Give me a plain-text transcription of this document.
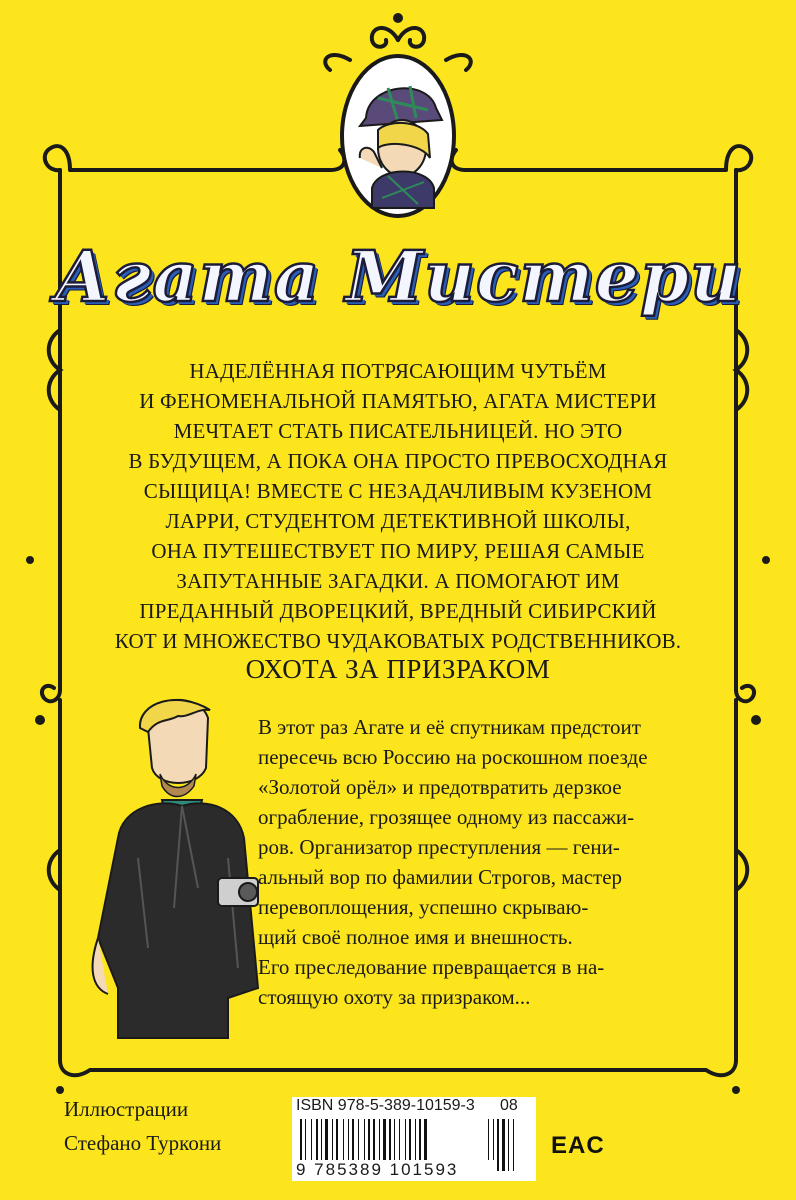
Агата Мистери

НАДЕЛЁННАЯ ПОТРЯСАЮЩИМ ЧУТЬЁМ
И ФЕНОМЕНАЛЬНОЙ ПАМЯТЬЮ, АГАТА МИСТЕРИ
МЕЧТАЕТ СТАТЬ ПИСАТЕЛЬНИЦЕЙ. НО ЭТО
В БУДУЩЕМ, А ПОКА ОНА ПРОСТО ПРЕВОСХОДНАЯ
СЫЩИЦА! ВМЕСТЕ С НЕЗАДАЧЛИВЫМ КУЗЕНОМ
ЛАРРИ, СТУДЕНТОМ ДЕТЕКТИВНОЙ ШКОЛЫ,
ОНА ПУТЕШЕСТВУЕТ ПО МИРУ, РЕШАЯ САМЫЕ
ЗАПУТАННЫЕ ЗАГАДКИ. А ПОМОГАЮТ ИМ
ПРЕДАННЫЙ ДВОРЕЦКИЙ, ВРЕДНЫЙ СИБИРСКИЙ
КОТ И МНОЖЕСТВО ЧУДАКОВАТЫХ РОДСТВЕННИКОВ.

ОХОТА ЗА ПРИЗРАКОМ
В этот раз Агате и её спутникам предстоит
пересечь всю Россию на роскошном поезде
«Золотой орёл» и предотвратить дерзкое
ограбление, грозящее одному из пассажи-
ров. Организатор преступления — гени-
альный вор по фамилии Строгов, мастер
перевоплощения, успешно скрываю-
щий своё полное имя и внешность.
Его преследование превращается в на-
стоящую охоту за призраком...
Иллюстрации
Стефано Туркони
ISBN 978-5-389-10159-3 08
9 785389 101593
EAC
